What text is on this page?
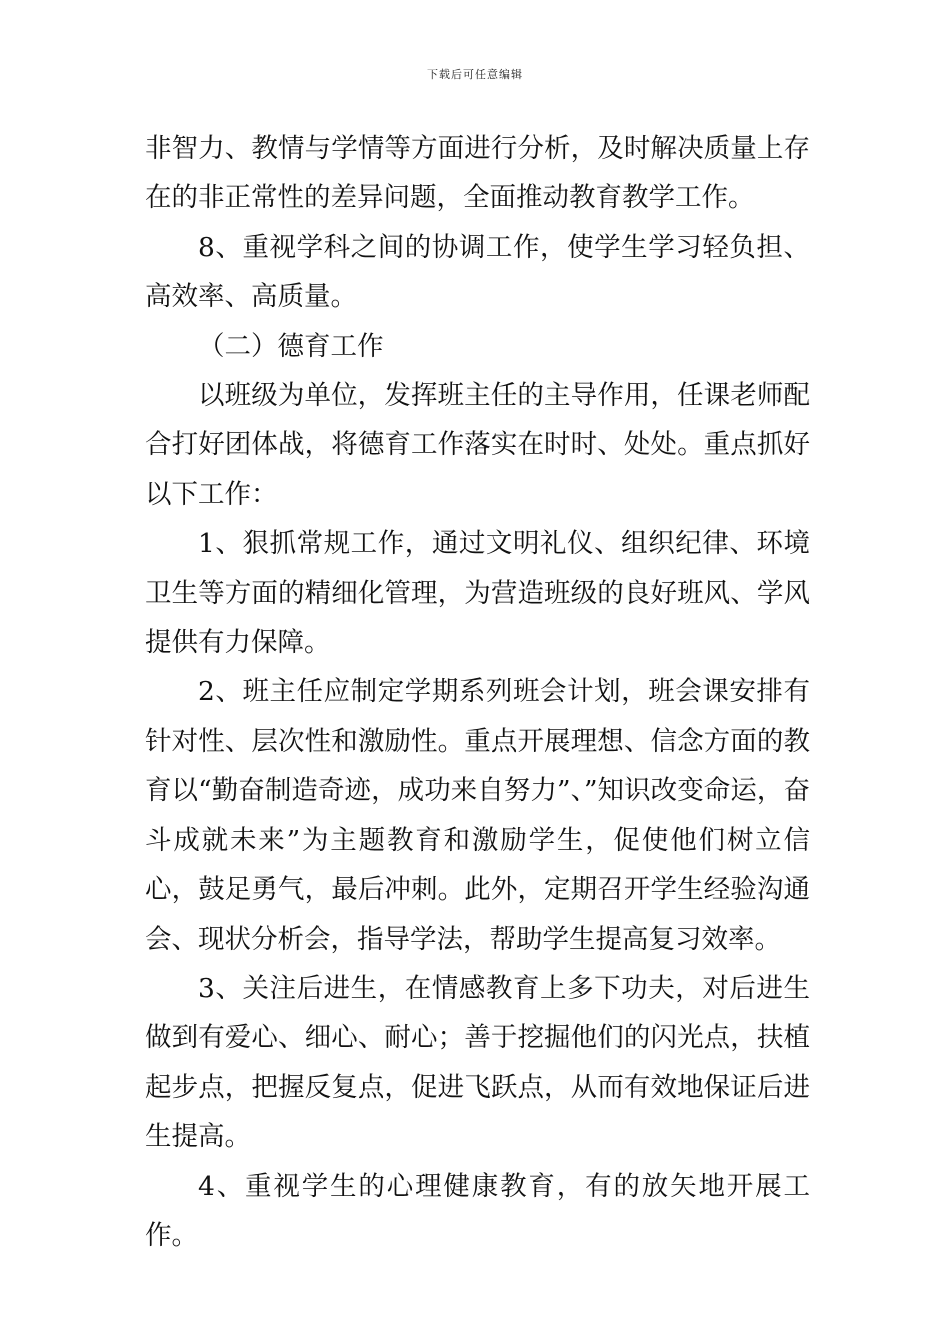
下载后可任意编辑

非智力、教情与学情等方面进行分析，及时解决质量上存在的非正常性的差异问题，全面推动教育教学工作。

8、重视学科之间的协调工作，使学生学习轻负担、高效率、高质量。

（二）德育工作

以班级为单位，发挥班主任的主导作用，任课老师配合打好团体战，将德育工作落实在时时、处处。重点抓好以下工作：

1、狠抓常规工作，通过文明礼仪、组织纪律、环境卫生等方面的精细化管理，为营造班级的良好班风、学风提供有力保障。

2、班主任应制定学期系列班会计划，班会课安排有针对性、层次性和激励性。重点开展理想、信念方面的教育以“勤奋制造奇迹，成功来自努力”、”知识改变命运，奋斗成就未来”为主题教育和激励学生，促使他们树立信心，鼓足勇气，最后冲刺。此外，定期召开学生经验沟通会、现状分析会，指导学法，帮助学生提高复习效率。

3、关注后进生，在情感教育上多下功夫，对后进生做到有爱心、细心、耐心；善于挖掘他们的闪光点，扶植起步点，把握反复点，促进飞跃点，从而有效地保证后进生提高。

4、重视学生的心理健康教育，有的放矢地开展工作。
